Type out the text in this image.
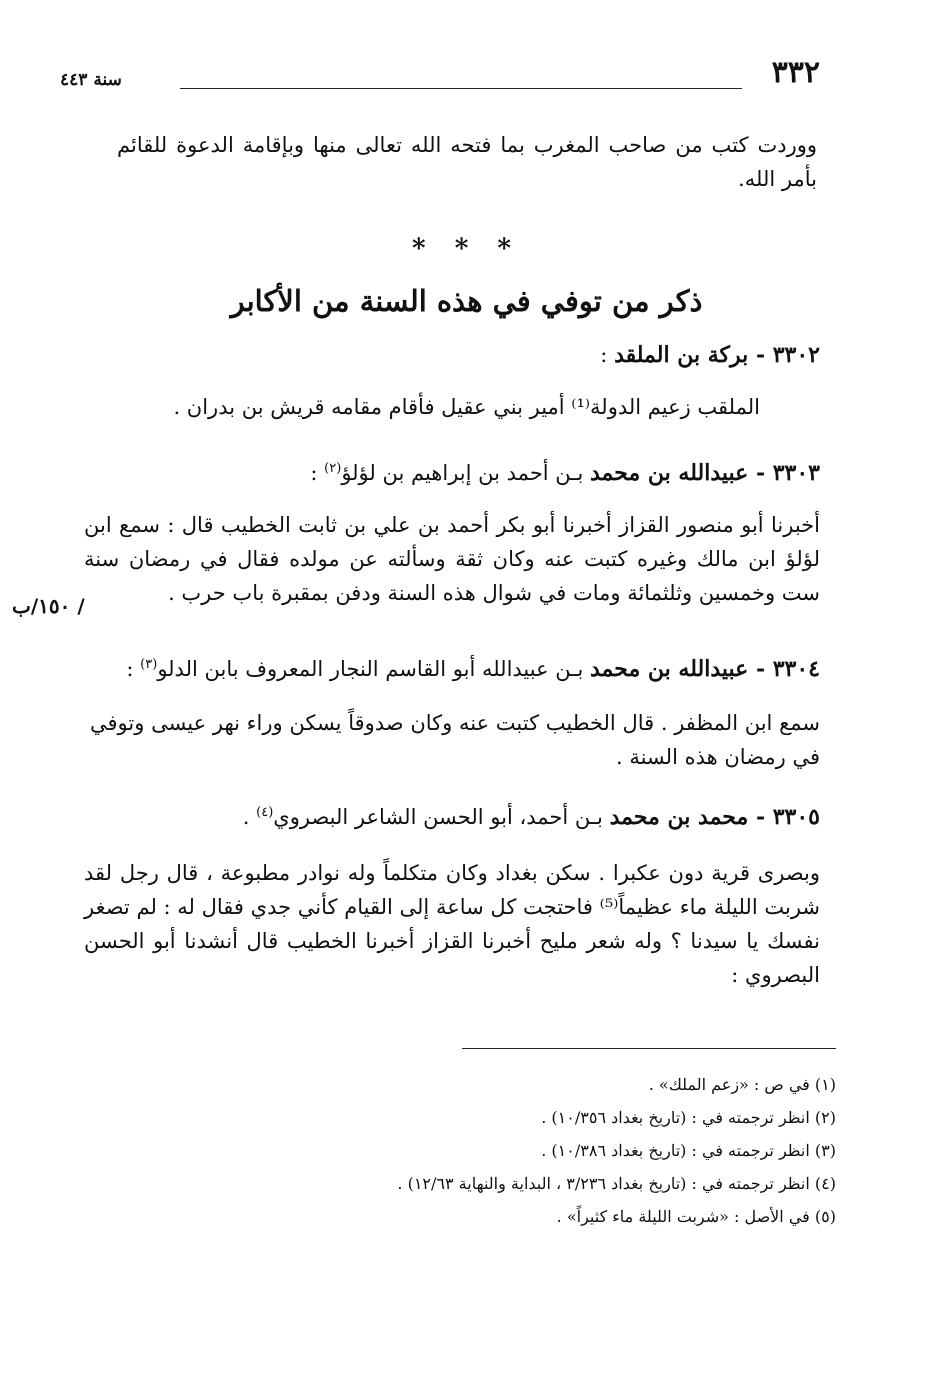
٣٣٢
سنة ٤٤٣
ووردت كتب من صاحب المغرب بما فتحه الله تعالى منها وبإقامة الدعوة للقائم بأمر الله.
* * *
ذكر من توفي في هذه السنة من الأكابر
٣٣٠٢ - بركة بن الملقد :
الملقب زعيم الدولة⁽¹⁾ أمير بني عقيل فأقام مقامه قريش بن بدران .
٣٣٠٣ - عبيدالله بن محمد بـن أحمد بن إبراهيم بن لؤلؤ$^{(٢)}$ :
أخبرنا أبو منصور القزاز أخبرنا أبو بكر أحمد بن علي بن ثابت الخطيب قال : سمع ابن لؤلؤ ابن مالك وغيره كتبت عنه وكان ثقة وسألته عن مولده فقال في رمضان سنة ست وخمسين وثلثمائة ومات في شوال هذه السنة ودفن بمقبرة باب حرب .
١٥٠/ب /
٣٣٠٤ - عبيدالله بن محمد بـن عبيدالله أبو القاسم النجار المعروف بابن الدلو$^{(٣)}$ :
سمع ابن المظفر . قال الخطيب كتبت عنه وكان صدوقاً يسكن وراء نهر عيسى وتوفي في رمضان هذه السنة .
٣٣٠٥ - محمد بن محمد بـن أحمد، أبو الحسن الشاعر البصروي$^{(٤)}$ .
وبصرى قرية دون عكبرا . سكن بغداد وكان متكلماً وله نوادر مطبوعة ، قال رجل لقد شربت الليلة ماء عظيماً⁽⁵⁾ فاحتجت كل ساعة إلى القيام كأني جدي فقال له : لم تصغر نفسك يا سيدنا ؟ وله شعر مليح أخبرنا القزاز أخبرنا الخطيب قال أنشدنا أبو الحسن البصروي :
(١) في ص : «زعم الملك» .
(٢) انظر ترجمته في : (تاريخ بغداد ١٠/٣٥٦) .
(٣) انظر ترجمته في : (تاريخ بغداد ١٠/٣٨٦) .
(٤) انظر ترجمته في : (تاريخ بغداد ٣/٢٣٦ ، البداية والنهاية ١٢/٦٣) .
(٥) في الأصل : «شربت الليلة ماء كثيراً» .
